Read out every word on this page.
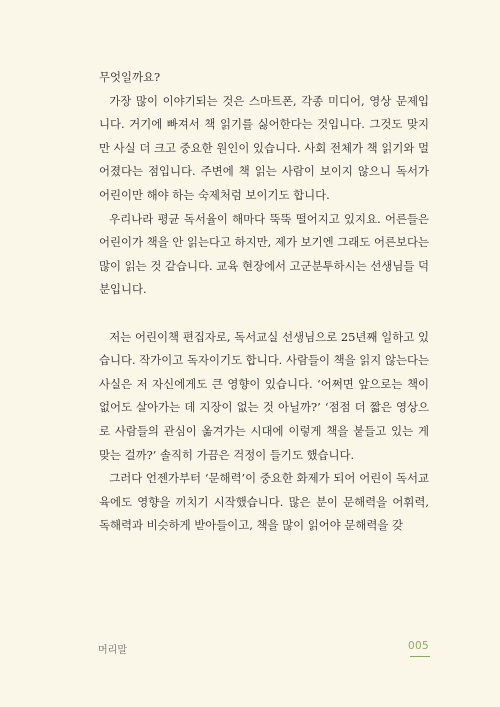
무엇일까요?

가장 많이 이야기되는 것은 스마트폰, 각종 미디어, 영상 문제입니다. 거기에 빠져서 책 읽기를 싫어한다는 것입니다. 그것도 맞지만 사실 더 크고 중요한 원인이 있습니다. 사회 전체가 책 읽기와 멀어졌다는 점입니다. 주변에 책 읽는 사람이 보이지 않으니 독서가 어린이만 해야 하는 숙제처럼 보이기도 합니다.

우리나라 평균 독서율이 해마다 뚝뚝 떨어지고 있지요. 어른들은 어린이가 책을 안 읽는다고 하지만, 제가 보기엔 그래도 어른보다는 많이 읽는 것 같습니다. 교육 현장에서 고군분투하시는 선생님들 덕분입니다.

저는 어린이책 편집자로, 독서교실 선생님으로 25년째 일하고 있습니다. 작가이고 독자이기도 합니다. 사람들이 책을 읽지 않는다는 사실은 저 자신에게도 큰 영향이 있습니다. ‘어쩌면 앞으로는 책이 없어도 살아가는 데 지장이 없는 것 아닐까?’ ‘점점 더 짧은 영상으로 사람들의 관심이 옮겨가는 시대에 이렇게 책을 붙들고 있는 게 맞는 걸까?’ 솔직히 가끔은 걱정이 들기도 했습니다.

그러다 언젠가부터 ‘문해력’이 중요한 화제가 되어 어린이 독서교육에도 영향을 끼치기 시작했습니다. 많은 분이 문해력을 어휘력, 독해력과 비슷하게 받아들이고, 책을 많이 읽어야 문해력을 갖

머리말	005
